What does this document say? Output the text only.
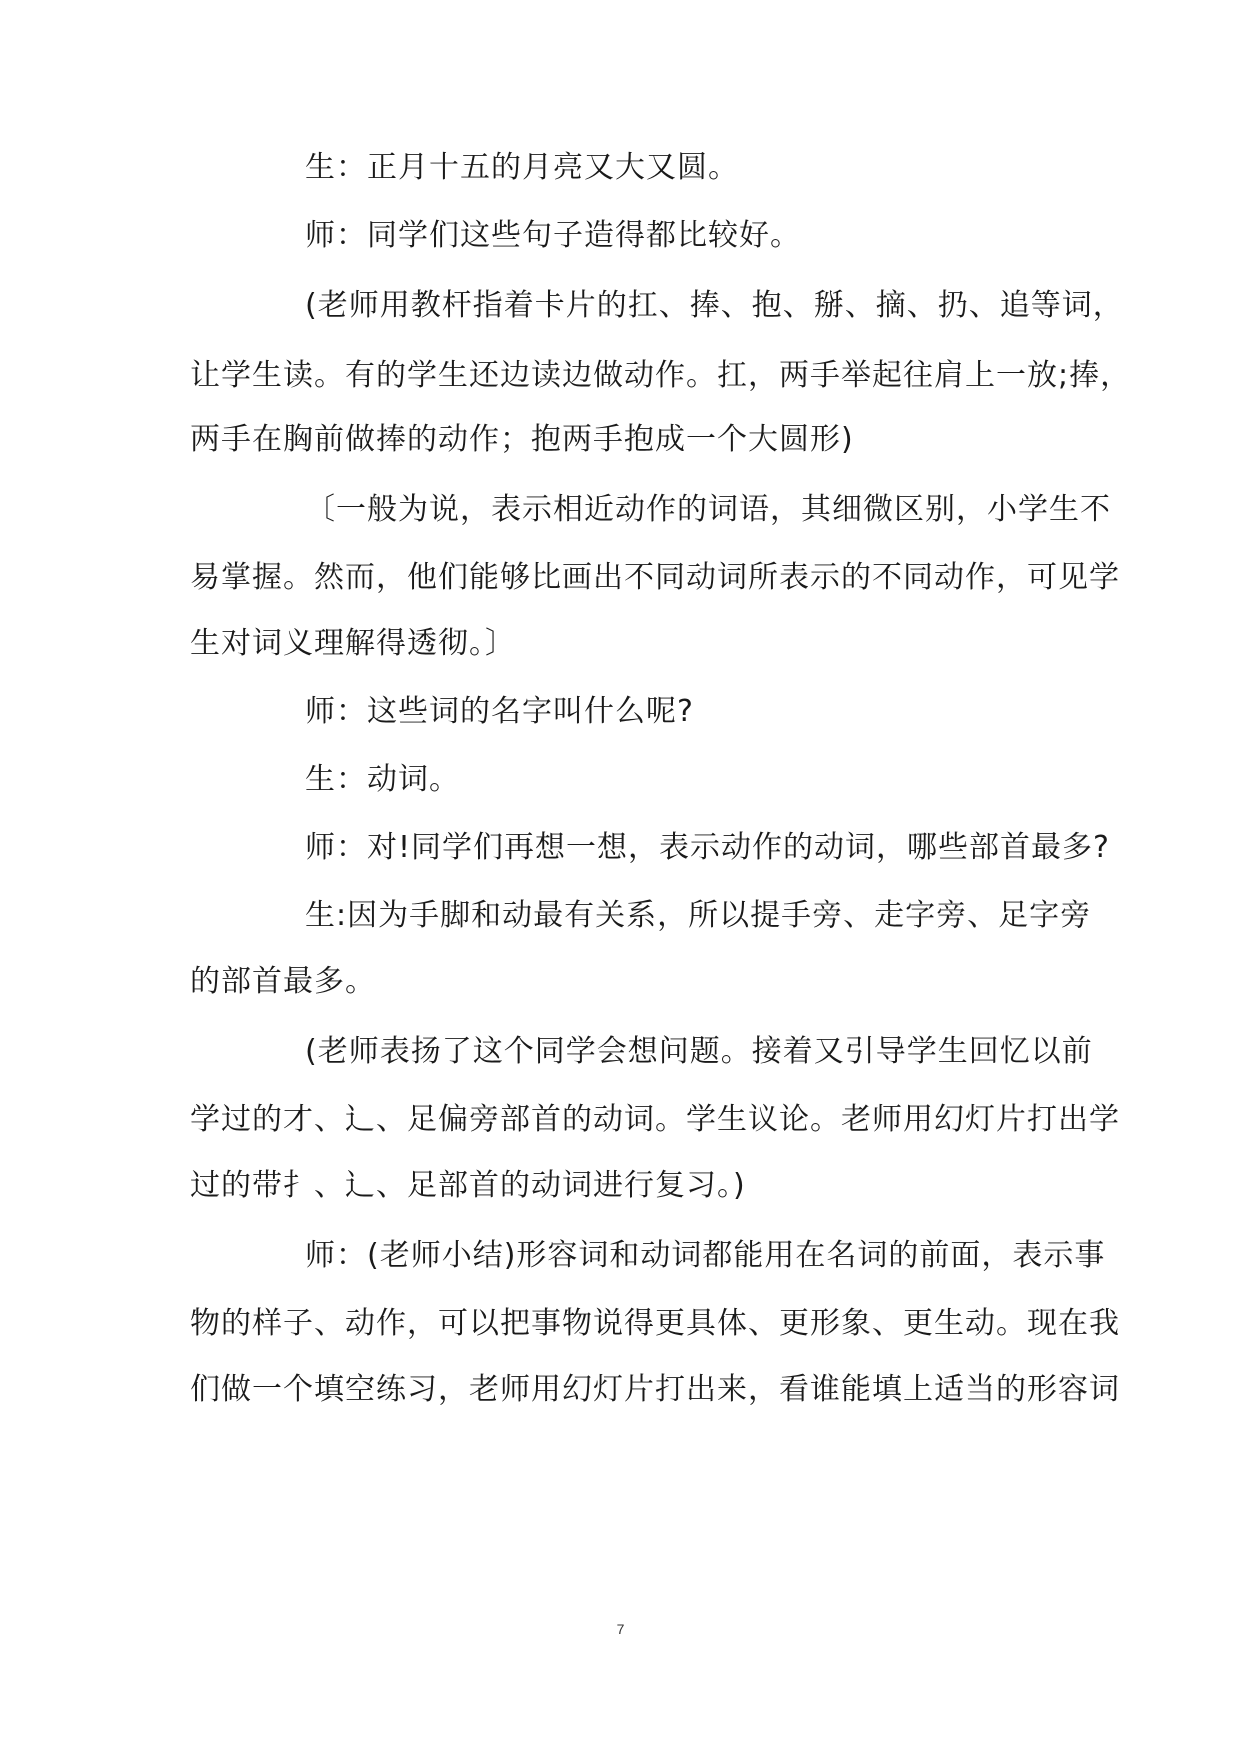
生：正月十五的月亮又大又圆。
师：同学们这些句子造得都比较好。
(老师用教杆指着卡片的扛、捧、抱、掰、摘、扔、追等词，
让学生读。有的学生还边读边做动作。扛，两手举起往肩上一放;捧，
两手在胸前做捧的动作；抱两手抱成一个大圆形)
〔一般为说，表示相近动作的词语，其细微区别，小学生不
易掌握。然而，他们能够比画出不同动词所表示的不同动作，可见学
生对词义理解得透彻。〕
师：这些词的名字叫什么呢?
生：动词。
师：对!同学们再想一想，表示动作的动词，哪些部首最多?
生:因为手脚和动最有关系，所以提手旁、走字旁、足字旁
的部首最多。
(老师表扬了这个同学会想问题。接着又引导学生回忆以前
学过的才、辶、足偏旁部首的动词。学生议论。老师用幻灯片打出学
过的带扌、辶、足部首的动词进行复习。)
师：(老师小结)形容词和动词都能用在名词的前面，表示事
物的样子、动作，可以把事物说得更具体、更形象、更生动。现在我
们做一个填空练习，老师用幻灯片打出来，看谁能填上适当的形容词
7
